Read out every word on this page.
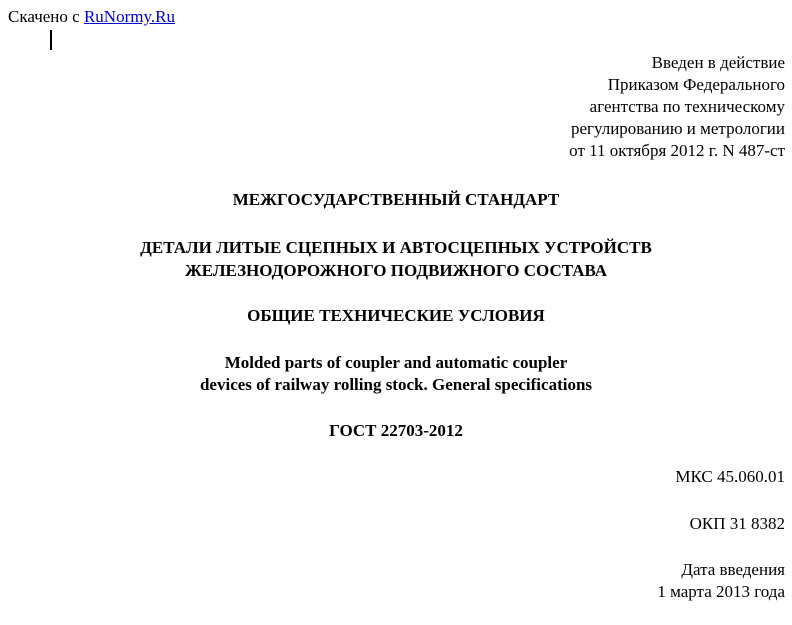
Скачено с RuNormy.Ru
Введен в действие
Приказом Федерального
агентства по техническому
регулированию и метрологии
от 11 октября 2012 г. N 487-ст
МЕЖГОСУДАРСТВЕННЫЙ СТАНДАРТ
ДЕТАЛИ ЛИТЫЕ СЦЕПНЫХ И АВТОСЦЕПНЫХ УСТРОЙСТВ
ЖЕЛЕЗНОДОРОЖНОГО ПОДВИЖНОГО СОСТАВА
ОБЩИЕ ТЕХНИЧЕСКИЕ УСЛОВИЯ
Molded parts of coupler and automatic coupler
devices of railway rolling stock. General specifications
ГОСТ 22703-2012
МКС 45.060.01
ОКП 31 8382
Дата введения
1 марта 2013 года
